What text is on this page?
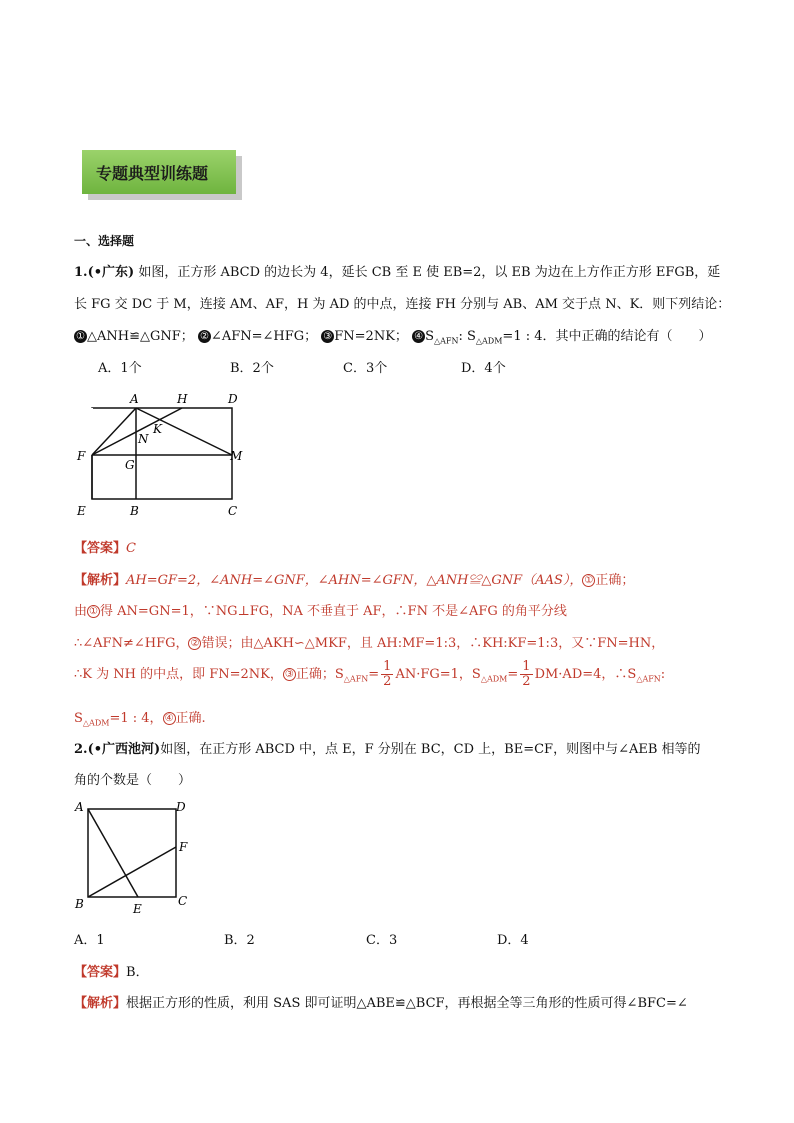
专题典型训练题
一、选择题
1.(•广东) 如图，正方形 ABCD 的边长为 4，延长 CB 至 E 使 EB=2，以 EB 为边在上方作正方形 EFGB，延
长 FG 交 DC 于 M，连接 AM、AF，H 为 AD 的中点，连接 FH 分别与 AB、AM 交于点 N、K．则下列结论：
① △ANH≌△GNF； ② ∠AFN=∠HFG； ③ FN=2NK； ④ $S_{\triangle AFN}$: $S_{\triangle ADM}=1$ : 4．其中正确的结论有（　　）
A．1个	B．2个	C．3个	D．4个
A	H	D
N
K
F
G
M
E	B	C
【答案】C
【解析】AH=GF=2，∠ANH=∠GNF，∠AHN=∠GFN，△ANH≌△GNF（AAS）， ① 正确；
由 ① 得 AN=GN=1，∵NG⊥FG，NA 不垂直于 AF，∴FN 不是∠AFG 的角平分线
∴∠AFN≠∠HFG， ② 错误；由△AKH∽△MKF，且 AH:MF=1:3，∴KH:KF=1:3，又∵FN=HN，
∴K 为 NH 的中点，即 FN=2NK， ③ 正确；$S_{\triangle AFN}= \frac{1}{2} AN\cdot FG=1$，$S_{\triangle ADM}= \frac{1}{2} DM\cdot AD=4$，$\therefore S_{\triangle AFN}$:
$S_{\triangle ADM}=1$ : 4， ④ 正确.
2.(•广西池河)如图，在正方形 ABCD 中，点 E，F 分别在 BC，CD 上，BE=CF，则图中与∠AEB 相等的
角的个数是（　　）
A	D
F
B	E
C
A．1	B．2	C．3	D．4
【答案】B．
【解析】根据正方形的性质，利用 SAS 即可证明△ABE≌△BCF，再根据全等三角形的性质可得∠BFC=∠
